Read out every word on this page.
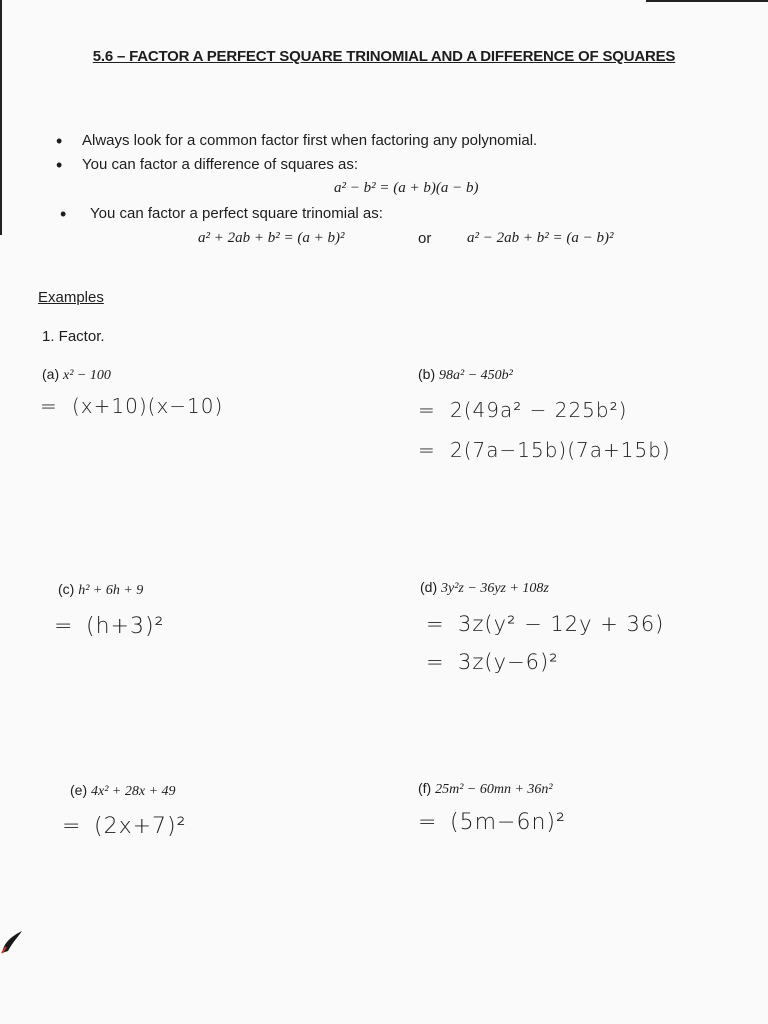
5.6 – FACTOR A PERFECT SQUARE TRINOMIAL AND A DIFFERENCE OF SQUARES
• Always look for a common factor first when factoring any polynomial.
• You can factor a difference of squares as:
a² − b² = (a + b)(a − b)
• You can factor a perfect square trinomial as:
a² + 2ab + b² = (a + b)²	or a² − 2ab + b² = (a − b)²
Examples
1. Factor.
(a) x² − 100
= (x+10)(x−10)
(b) 98a² − 450b²
= 2(49a² − 225b²)
= 2(7a−15b)(7a+15b)
(c) h² + 6h + 9
= (h+3)²
(d) 3y²z − 36yz + 108z
= 3z(y² − 12y + 36)
= 3z(y−6)²
(e) 4x² + 28x + 49
= (2x+7)²
(f) 25m² − 60mn + 36n²
= (5m−6n)²
